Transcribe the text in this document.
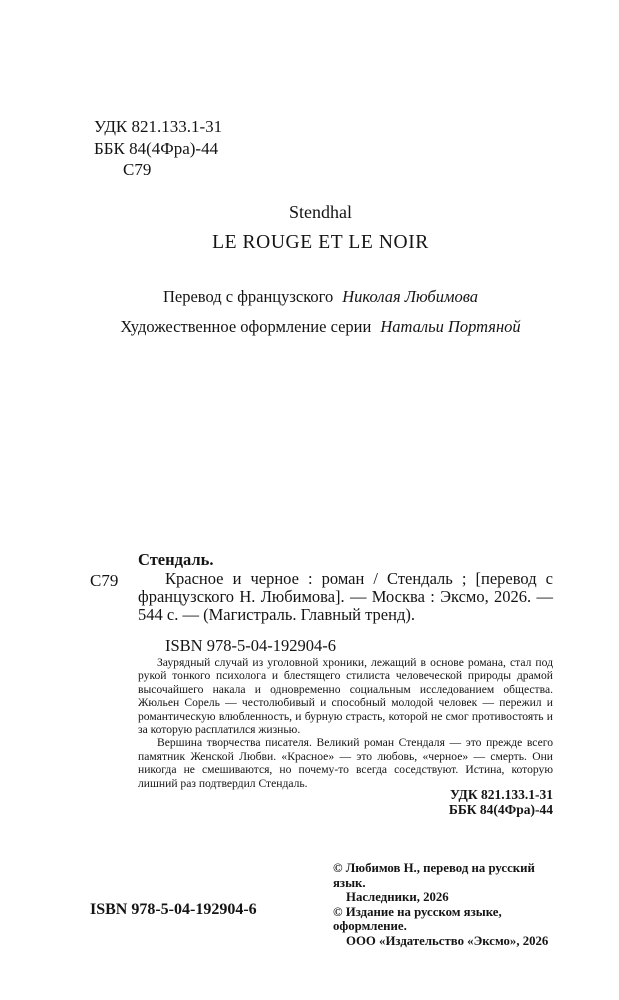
УДК 821.133.1-31
ББК 84(4Фра)-44
С79
Stendhal
LE ROUGE ET LE NOIR
Перевод с французского Николая Любимова
Художественное оформление серии Натальи Портяной
Стендаль.
С79	Красное и черное : роман / Стендаль ; [перевод с французского Н. Любимова]. — Москва : Эксмо, 2026. — 544 с. — (Магистраль. Главный тренд).
ISBN 978-5-04-192904-6

Заурядный случай из уголовной хроники, лежащий в основе романа, стал под рукой тонкого психолога и блестящего стилиста человеческой природы драмой высочайшего накала и одновременно социальным исследованием общества. Жюльен Сорель — честолюбивый и способный молодой человек — пережил и романтическую влюбленность, и бурную страсть, которой не смог противостоять и за которую расплатился жизнью.

Вершина творчества писателя. Великий роман Стендаля — это прежде всего памятник Женской Любви. «Красное» — это любовь, «черное» — смерть. Они никогда не смешиваются, но почему-то всегда соседствуют. Истина, которую лишний раз подтвердил Стендаль.

УДК 821.133.1-31
ББК 84(4Фра)-44
© Любимов Н., перевод на русский язык.
Наследники, 2026
© Издание на русском языке, оформление.
ООО «Издательство «Эксмо», 2026
ISBN 978-5-04-192904-6
